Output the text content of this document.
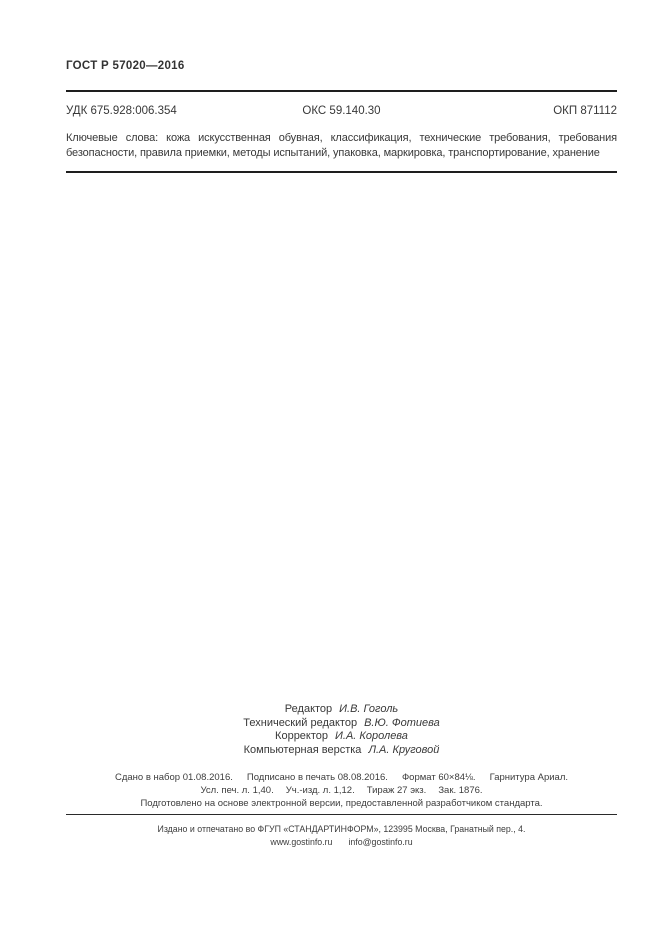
ГОСТ Р 57020—2016
УДК 675.928:006.354	ОКС 59.140.30	ОКП 871112
Ключевые слова: кожа искусственная обувная, классификация, технические требования, требования безопасности, правила приемки, методы испытаний, упаковка, маркировка, транспортирование, хранение
Редактор И.В. Гоголь
Технический редактор В.Ю. Фотиева
Корректор И.А. Королева
Компьютерная верстка Л.А. Круговой
Сдано в набор 01.08.2016. Подписано в печать 08.08.2016. Формат 60×84⅛. Гарнитура Ариал.
Усл. печ. л. 1,40. Уч.-изд. л. 1,12. Тираж 27 экз. Зак. 1876.
Подготовлено на основе электронной версии, предоставленной разработчиком стандарта.
Издано и отпечатано во ФГУП «СТАНДАРТИНФОРМ», 123995 Москва, Гранатный пер., 4.
www.gostinfo.ru info@gostinfo.ru
